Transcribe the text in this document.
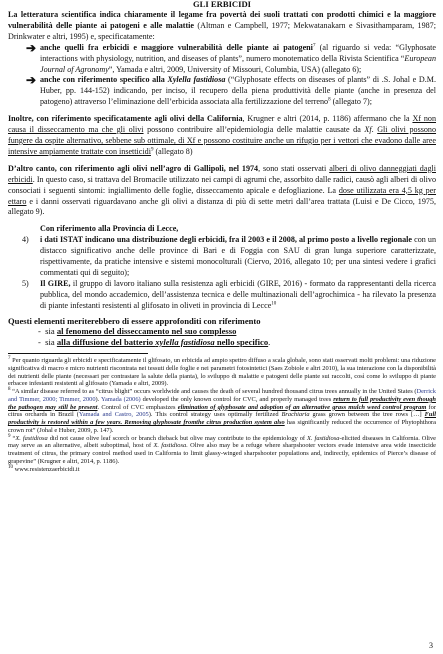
GLI ERBICIDI

La letteratura scientifica indica chiaramente il legame fra povertà dei suoli trattati con prodotti chimici e la maggiore vulnerabilità delle piante ai patogeni e alle malattie (Altman e Campbell, 1977; Mekwatanakarn e Sivasithamparam, 1987; Drinkwater e altri, 1995) e, specificatamente:

➔ anche quelli fra erbicidi e maggiore vulnerabilità delle piante ai patogeni$^7$ (al riguardo si veda: “Glyphosate interactions with physiology, nutrition, and diseases of plants”, numero monotematico della Rivista Scientifica “European Journal of Agronomy”, Yamada e altri, 2009, University of Missouri, Columbia, USA) (allegato 6);
➔ anche con riferimento specifico alla Xylella fastidiosa (“Glyphosate effects on diseases of plants” di .S. Johal e D.M. Huber, pp. 144-152) indicando, per inciso, il recupero della piena produttività delle piante (anche in presenza del patogeno) attraverso l’eliminazione dell’erbicida associata alla fertilizzazione del terreno$^8$ (allegato 7);

Inoltre, con riferimento specificatamente agli olivi della California, Krugner e altri (2014, p. 1186) affermano che la Xf non causa il disseccamento ma che gli olivi possono contribuire all’epidemiologia delle malattie causate da Xf. Gli olivi possono fungere da ospite alternativo, sebbene sub ottimale, di Xf e possono costituire anche un rifugio per i vettori che evadono dalle aree intensive ampiamente trattate con insetticidi$^9$ (allegato 8)

D’altro canto, con riferimento agli olivi nell’agro di Gallipoli, nel 1974, sono stati osservati alberi di olivo danneggiati dagli erbicidi. In questo caso, si trattava del Bromacile utilizzato nei campi di agrumi che, assorbito dalle radici, causò agli alberi di olivo consociati i seguenti sintomi: ingiallimento delle foglie, disseccamento apicale e defogliazione. La dose utilizzata era 4,5 kg per ettaro e i danni osservati riguardavano anche gli olivi a distanza di più di sette metri dall’area trattata (Luisi e De Cicco, 1975, allegato 9).

Con riferimento alla Provincia di Lecce,

4)	i dati ISTAT indicano una distribuzione degli erbicidi, fra il 2003 e il 2008, al primo posto a livello regionale con un distacco significativo anche delle province di Bari e di Foggia con SAU di gran lunga superiore caratterizzate, rispettivamente, da pratiche intensive e sistemi monocolturali (Ciervo, 2016, allegato 10; per una sintesi vedere i grafici commentati qui di seguito);
5)	Il GIRE, il gruppo di lavoro italiano sulla resistenza agli erbicidi (GIRE, 2016) - formato da rappresentanti della ricerca pubblica, del mondo accademico, dell’assistenza tecnica e delle multinazionali dell’agrochimica - ha rilevato la presenza di piante infestanti resistenti al glifosato in oliveti in provincia di Lecce$^{10}$

Questi elementi meriterebbero di essere approfonditi con riferimento

- sia al fenomeno del disseccamento nel suo complesso

- sia alla diffusione del batterio xylella fastidiosa nello specifico.

$^7$ Per quanto riguarda gli erbicidi e specificatamente il glifosato, un erbicida ad ampio spettro diffuso a scala globale, sono stati osservati molti problemi: una riduzione significativa di macro e micro nutrienti riscontrata nei tessuti delle foglie e nei parametri fotosintetici (Saes Zobiole e altri 2010), la sua interazione con la disponibilità dei nutrienti delle piante (necessari per contrastare la salute della pianta), lo sviluppo di malattie e patogeni delle piante sui raccolti, così come lo sviluppo di piante erbacee infestanti resistenti al glifosato (Yamada e altri, 2009).

$^8$ “A similar disease referred to as “citrus blight” occurs worldwide and causes the death of several hundred thousand citrus trees annually in the United States (Derrick and Timmer, 2000; Timmer, 2000). Yamada (2006) developed the only known control for CVC, and properly managed trees return to full productivity even though the pathogen may still be present. Control of CVC emphasizes elimination of glyphosate and adoption of an alternative grass mulch weed control program for citrus orchards in Brazil (Yamada and Castro, 2005). This control strategy uses optimally fertilized Brachiaria grass grown between the tree rows […] Full productivity is restored within a few years. Removing glyphosate fromthe citrus production system also has significantly reduced the occurrence of Phytophthora crown rot” (Johal e Huber, 2009, p. 147).

$^9$ “X. fastidiosa did not cause olive leaf scorch or branch dieback but olive may contribute to the epidemiology of X. fastidiosa-elicited diseases in California. Olive may serve as an alternative, albeit suboptimal, host of X. fastidiosa. Olive also may be a refuge where sharpshooter vectors evade intensive area wide insecticide treatment of citrus, the primary control method used in California to limit glassy-winged sharpshooter populations and, indirectly, epidemics of Pierce’s disease of grapevine” (Krugner e altri, 2014, p. 1186).

$^{10}$ www.resistenzaerbicidi.it

3
